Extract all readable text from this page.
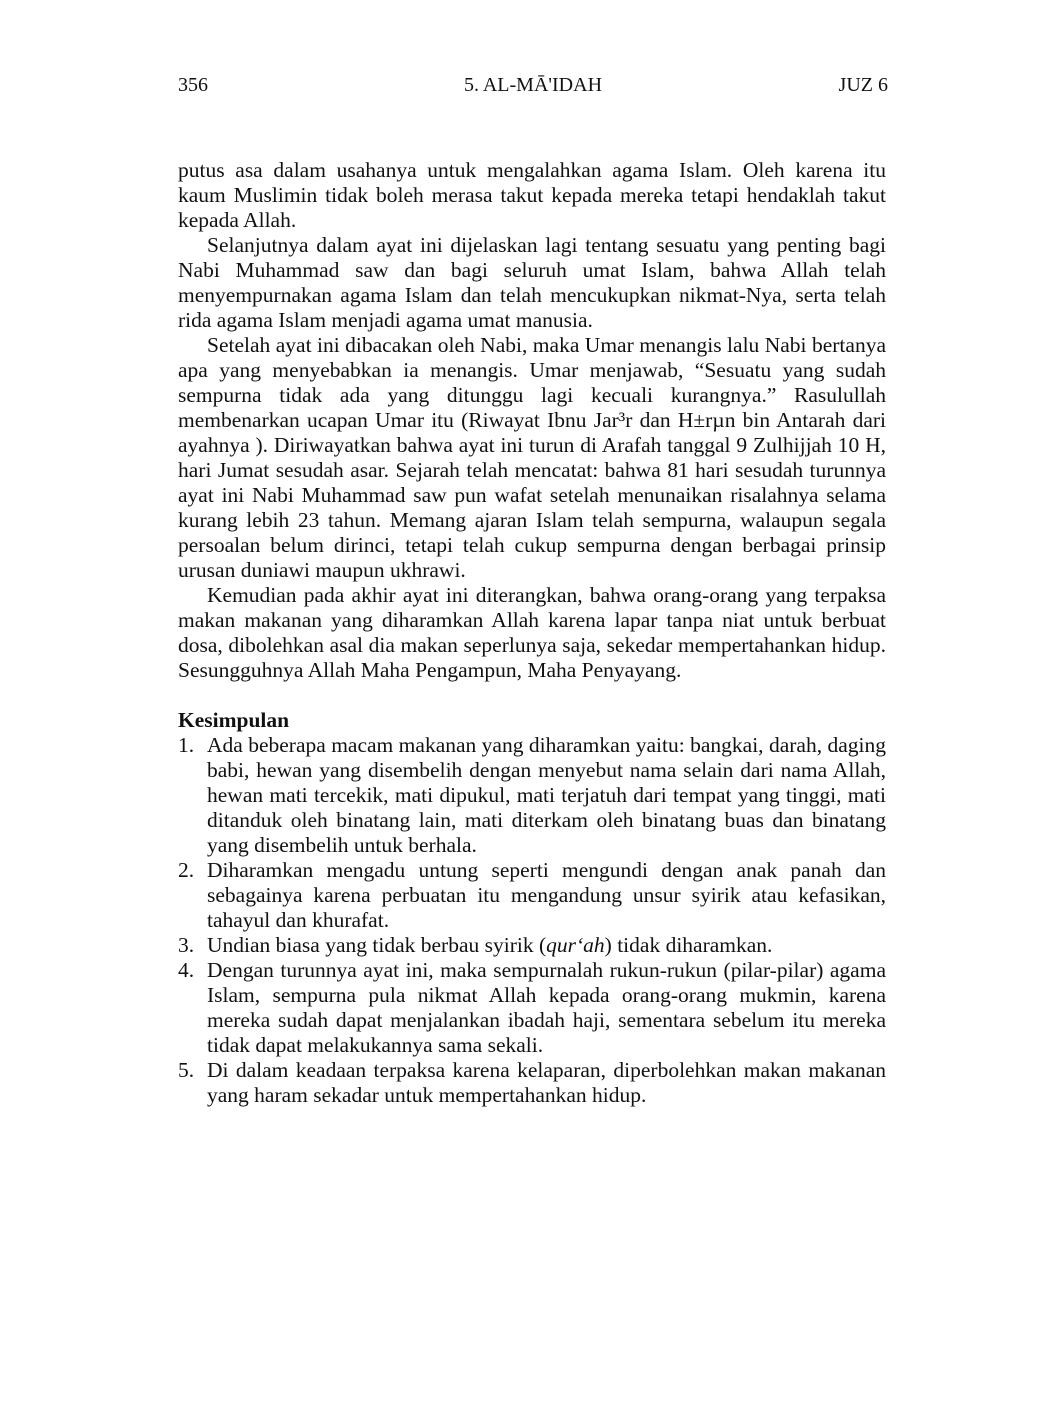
356	5. AL-MĀ'IDAH	JUZ 6

putus asa dalam usahanya untuk mengalahkan agama Islam. Oleh karena itu kaum Muslimin tidak boleh merasa takut kepada mereka tetapi hendaklah takut kepada Allah.

Selanjutnya dalam ayat ini dijelaskan lagi tentang sesuatu yang penting bagi Nabi Muhammad saw dan bagi seluruh umat Islam, bahwa Allah telah menyempurnakan agama Islam dan telah mencukupkan nikmat-Nya, serta telah rida agama Islam menjadi agama umat manusia.

Setelah ayat ini dibacakan oleh Nabi, maka Umar menangis lalu Nabi bertanya apa yang menyebabkan ia menangis. Umar menjawab, “Sesuatu yang sudah sempurna tidak ada yang ditunggu lagi kecuali kurangnya.” Rasulullah membenarkan ucapan Umar itu (Riwayat Ibnu Jar³r dan H±rµn bin Antarah dari ayahnya ). Diriwayatkan bahwa ayat ini turun di Arafah tanggal 9 Zulhijjah 10 H, hari Jumat sesudah asar. Sejarah telah mencatat: bahwa 81 hari sesudah turunnya ayat ini Nabi Muhammad saw pun wafat setelah menunaikan risalahnya selama kurang lebih 23 tahun. Memang ajaran Islam telah sempurna, walaupun segala persoalan belum dirinci, tetapi telah cukup sempurna dengan berbagai prinsip urusan duniawi maupun ukhrawi.

Kemudian pada akhir ayat ini diterangkan, bahwa orang-orang yang terpaksa makan makanan yang diharamkan Allah karena lapar tanpa niat untuk berbuat dosa, dibolehkan asal dia makan seperlunya saja, sekedar mempertahankan hidup. Sesungguhnya Allah Maha Pengampun, Maha Penyayang.

Kesimpulan

1. Ada beberapa macam makanan yang diharamkan yaitu: bangkai, darah, daging babi, hewan yang disembelih dengan menyebut nama selain dari nama Allah, hewan mati tercekik, mati dipukul, mati terjatuh dari tempat yang tinggi, mati ditanduk oleh binatang lain, mati diterkam oleh binatang buas dan binatang yang disembelih untuk berhala.
2. Diharamkan mengadu untung seperti mengundi dengan anak panah dan sebagainya karena perbuatan itu mengandung unsur syirik atau kefasikan, tahayul dan khurafat.
3. Undian biasa yang tidak berbau syirik (qur‘ah) tidak diharamkan.
4. Dengan turunnya ayat ini, maka sempurnalah rukun-rukun (pilar-pilar) agama Islam, sempurna pula nikmat Allah kepada orang-orang mukmin, karena mereka sudah dapat menjalankan ibadah haji, sementara sebelum itu mereka tidak dapat melakukannya sama sekali.
5. Di dalam keadaan terpaksa karena kelaparan, diperbolehkan makan makanan yang haram sekadar untuk mempertahankan hidup.
